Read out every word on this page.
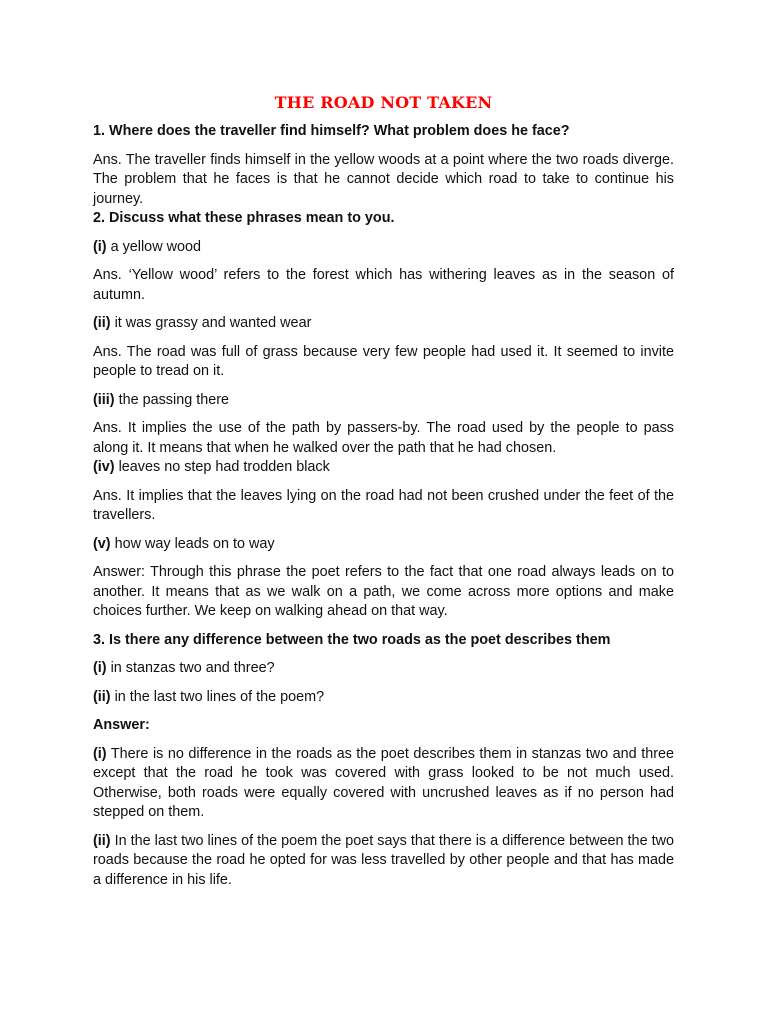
THE ROAD NOT TAKEN
1. Where does the traveller find himself? What problem does he face?
Ans. The traveller finds himself in the yellow woods at a point where the two roads diverge. The problem that he faces is that he cannot decide which road to take to continue his journey.
2. Discuss what these phrases mean to you.
(i) a yellow wood
Ans. ‘Yellow wood’ refers to the forest which has withering leaves as in the season of autumn.
(ii) it was grassy and wanted wear
Ans. The road was full of grass because very few people had used it. It seemed to invite people to tread on it.
(iii) the passing there
Ans. It implies the use of the path by passers-by. The road used by the people to pass along it. It means that when he walked over the path that he had chosen.
(iv) leaves no step had trodden black
Ans. It implies that the leaves lying on the road had not been crushed under the feet of the travellers.
(v) how way leads on to way
Answer: Through this phrase the poet refers to the fact that one road always leads on to another. It means that as we walk on a path, we come across more options and make choices further. We keep on walking ahead on that way.
3. Is there any difference between the two roads as the poet describes them
(i) in stanzas two and three?
(ii) in the last two lines of the poem?
Answer:
(i) There is no difference in the roads as the poet describes them in stanzas two and three except that the road he took was covered with grass looked to be not much used. Otherwise, both roads were equally covered with uncrushed leaves as if no person had stepped on them.
(ii) In the last two lines of the poem the poet says that there is a difference between the two roads because the road he opted for was less travelled by other people and that has made a difference in his life.
